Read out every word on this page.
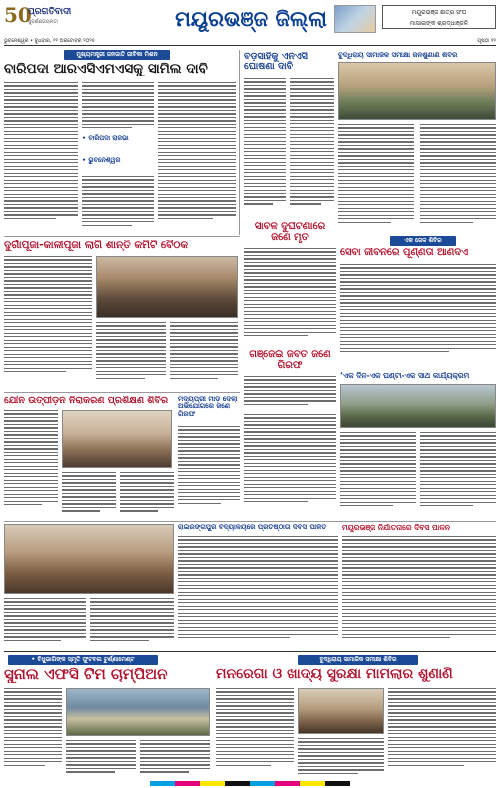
50
ପ୍ରଗତିବାଦୀ
ସୁବର୍ଣ୍ଣଜୟନ୍ତୀ	ମୟୂରଭଞ୍ଜ ଜିଲ୍ଲା	ମୟୂରଭଞ୍ଜ ଛାତ୍ର ସଂଘ
ମାସାଇଙ୍କ ଶ୍ରଦ୍ଧାଞ୍ଜଳି
ଭୁବନେଶ୍ୱର • ବୁଧବାର, ୨୨ ଅକ୍ଟୋବର ୨୦୨୫	ପୃଷ୍ଠା ୧୨
ମୁଖ୍ୟମନ୍ତ୍ରୀ ଜନଜାତି ଜୀବିକା ମିଶନ
ବାରିପଦା ଆରଏସିଏମଏସକୁ ସାମିଲ ଦାବି
• ବାରିପଦା ରାଜଭା
• ଭୁବନେଶ୍ୱର
ବଡ଼ସାହିକୁ ଏନଏସି ଘୋଷଣା ଦାବି
ବୁଦ୍ଧିରାୟ ସାମାଜିକ ସମୀକ୍ଷା ଜନଶୁଣାଣି ଶିବିର
ସାବଳ ଦୁର୍ଘଟଣାରେ ଜଣେ ମୃତ
ଦୁର୍ଗାପୂଜା-କାଳୀପୂଜା ଲାଗି ଶାନ୍ତି କମିଟି ବୈଠକ
ଗଞ୍ଜେଇ ଜବତ ଜଣେ ଗିରଫ
ଏକ ଜେଳ ଶିବିର
ସେବା ଜୀବନରେ ପୂର୍ଣ୍ଣତା ଆଣିଦିଏ
‘ଏକ ଦିନ-ଏକ ଘଣ୍ଟା-ଏକ ସାଥ କାର୍ଯ୍ୟକ୍ରମ
ଯୌନ ଉତ୍ପୀଡ଼ନ ନିରାକରଣ ପ୍ରଶିକ୍ଷଣ ଶିବିର	ମଦ୍ୟପ୍ରୀ ମାଡ଼ ଦେଲା ଅଭିଯୋଗରେ ଜଣେ ଗିରଫ
ରାଇରଙ୍ଗପୁର ବିଦ୍ୟାଳୟରେ ପ୍ରତିଷ୍ଠାତା ଦିବସ ପାଳିତ	ମୟୂରଭଞ୍ଜ ନିର୍ଯାତନାରେ ଦିବସ ପାଳନ
• ବିଧୁଭାଗିଙ୍କ ସ୍ମୃତି ଫୁଟବଲ ଟୁର୍ଣ୍ଣାମେଣ୍ଟ
ସୁନାଲ ଏଫସି ଟିମ ଚାମ୍ପିଅନ
ବୁଦ୍ଧିରାୟ ସାମାଜିକ ସମୀକ୍ଷା ଶିବିର
ମନରେଗା ଓ ଖାଦ୍ୟ ସୁରକ୍ଷା ମାମଲାର ଶୁଣାଣି
